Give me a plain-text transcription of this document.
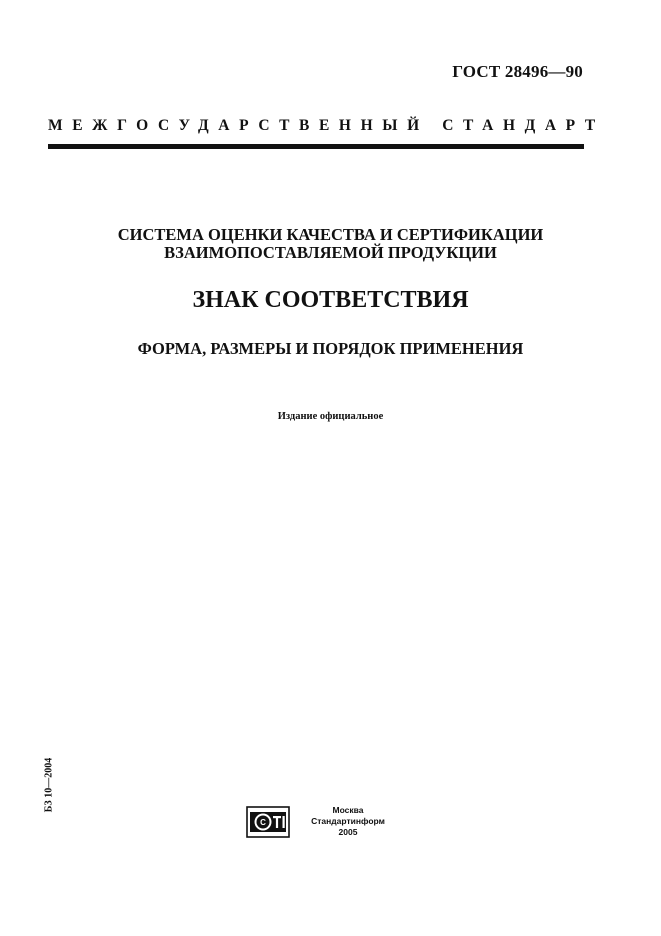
ГОСТ 28496—90
МЕЖГОСУДАРСТВЕННЫЙ СТАНДАРТ
СИСТЕМА ОЦЕНКИ КАЧЕСТВА И СЕРТИФИКАЦИИ
ВЗАИМОПОСТАВЛЯЕМОЙ ПРОДУКЦИИ
ЗНАК СООТВЕТСТВИЯ
ФОРМА, РАЗМЕРЫ И ПОРЯДОК ПРИМЕНЕНИЯ
Издание официальное
БЗ 10—2004
С
Москва
Стандартинформ
2005
